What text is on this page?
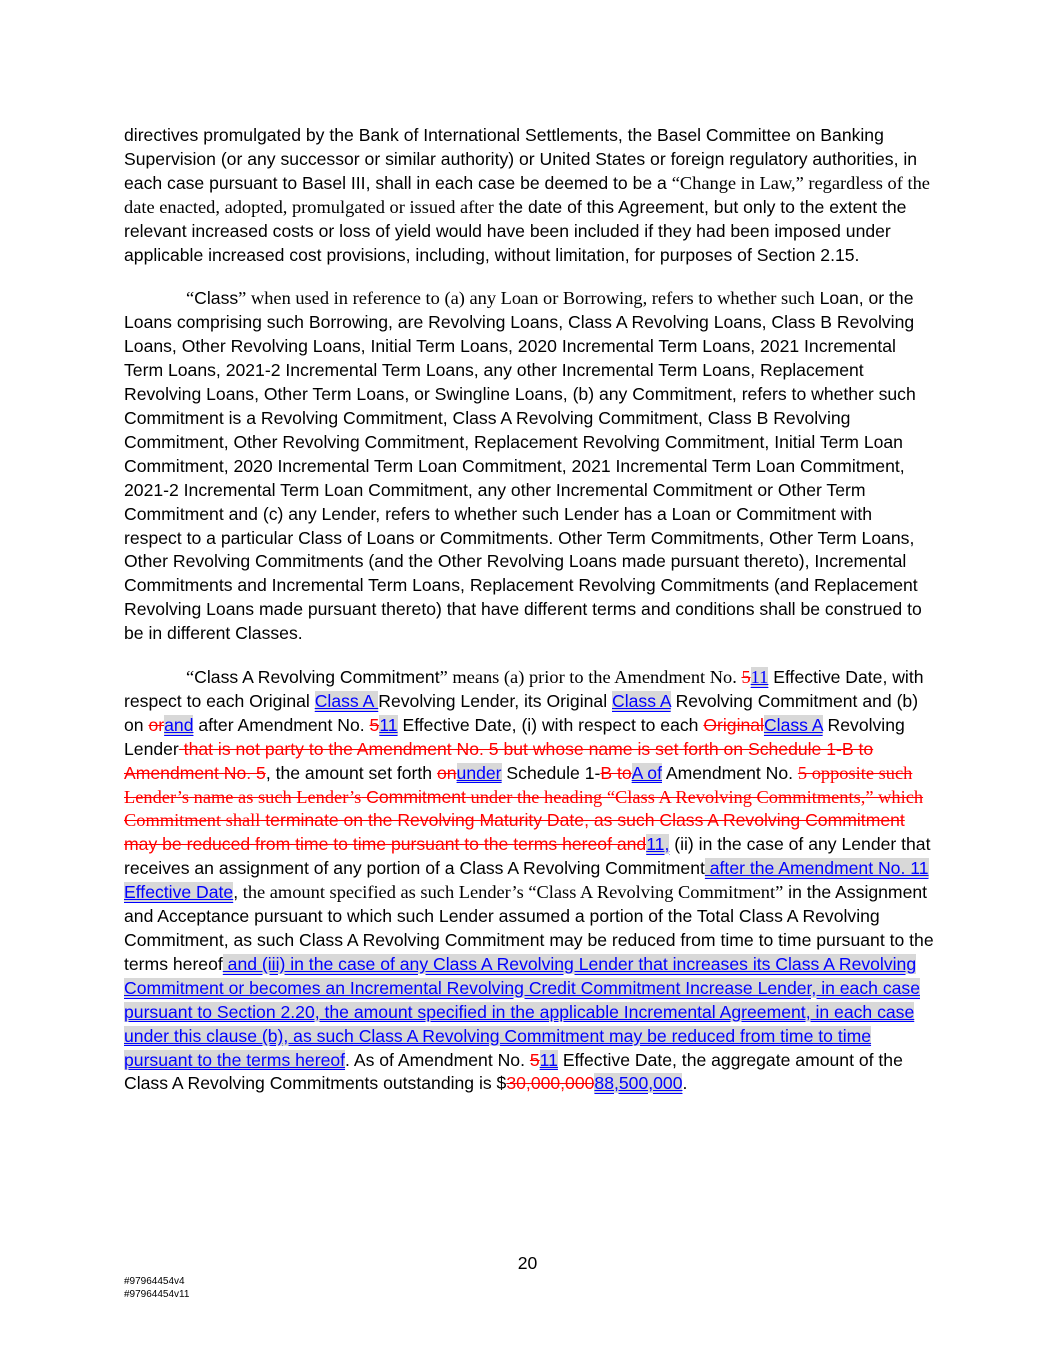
directives promulgated by the Bank of International Settlements, the Basel Committee on Banking Supervision (or any successor or similar authority) or United States or foreign regulatory authorities, in each case pursuant to Basel III, shall in each case be deemed to be a “Change in Law,” regardless of the date enacted, adopted, promulgated or issued after the date of this Agreement, but only to the extent the relevant increased costs or loss of yield would have been included if they had been imposed under applicable increased cost provisions, including, without limitation, for purposes of Section 2.15.

“Class” when used in reference to (a) any Loan or Borrowing, refers to whether such Loan, or the Loans comprising such Borrowing, are Revolving Loans, Class A Revolving Loans, Class B Revolving Loans, Other Revolving Loans, Initial Term Loans, 2020 Incremental Term Loans, 2021 Incremental Term Loans, 2021-2 Incremental Term Loans, any other Incremental Term Loans, Replacement Revolving Loans, Other Term Loans, or Swingline Loans, (b) any Commitment, refers to whether such Commitment is a Revolving Commitment, Class A Revolving Commitment, Class B Revolving Commitment, Other Revolving Commitment, Replacement Revolving Commitment, Initial Term Loan Commitment, 2020 Incremental Term Loan Commitment, 2021 Incremental Term Loan Commitment, 2021-2 Incremental Term Loan Commitment, any other Incremental Commitment or Other Term Commitment and (c) any Lender, refers to whether such Lender has a Loan or Commitment with respect to a particular Class of Loans or Commitments. Other Term Commitments, Other Term Loans, Other Revolving Commitments (and the Other Revolving Loans made pursuant thereto), Incremental Commitments and Incremental Term Loans, Replacement Revolving Commitments (and Replacement Revolving Loans made pursuant thereto) that have different terms and conditions shall be construed to be in different Classes.

“Class A Revolving Commitment” means (a) prior to the Amendment No. 511 Effective Date, with respect to each Original Class A Revolving Lender, its Original Class A Revolving Commitment and (b) on orand after Amendment No. 511 Effective Date, (i) with respect to each OriginalClass A Revolving Lender that is not party to the Amendment No. 5 but whose name is set forth on Schedule 1-B to Amendment No. 5, the amount set forth onunder Schedule 1-B toA of Amendment No. 5 opposite such Lender’s name as such Lender’s Commitment under the heading “Class A Revolving Commitments,” which Commitment shall terminate on the Revolving Maturity Date, as such Class A Revolving Commitment may be reduced from time to time pursuant to the terms hereof and11, (ii) in the case of any Lender that receives an assignment of any portion of a Class A Revolving Commitment after the Amendment No. 11 Effective Date, the amount specified as such Lender’s “Class A Revolving Commitment” in the Assignment and Acceptance pursuant to which such Lender assumed a portion of the Total Class A Revolving Commitment, as such Class A Revolving Commitment may be reduced from time to time pursuant to the terms hereof and (iii) in the case of any Class A Revolving Lender that increases its Class A Revolving Commitment or becomes an Incremental Revolving Credit Commitment Increase Lender, in each case pursuant to Section 2.20, the amount specified in the applicable Incremental Agreement, in each case under this clause (b), as such Class A Revolving Commitment may be reduced from time to time pursuant to the terms hereof. As of Amendment No. 511 Effective Date, the aggregate amount of the Class A Revolving Commitments outstanding is $30,000,00088,500,000.

20
#97964454v4
#97964454v11
